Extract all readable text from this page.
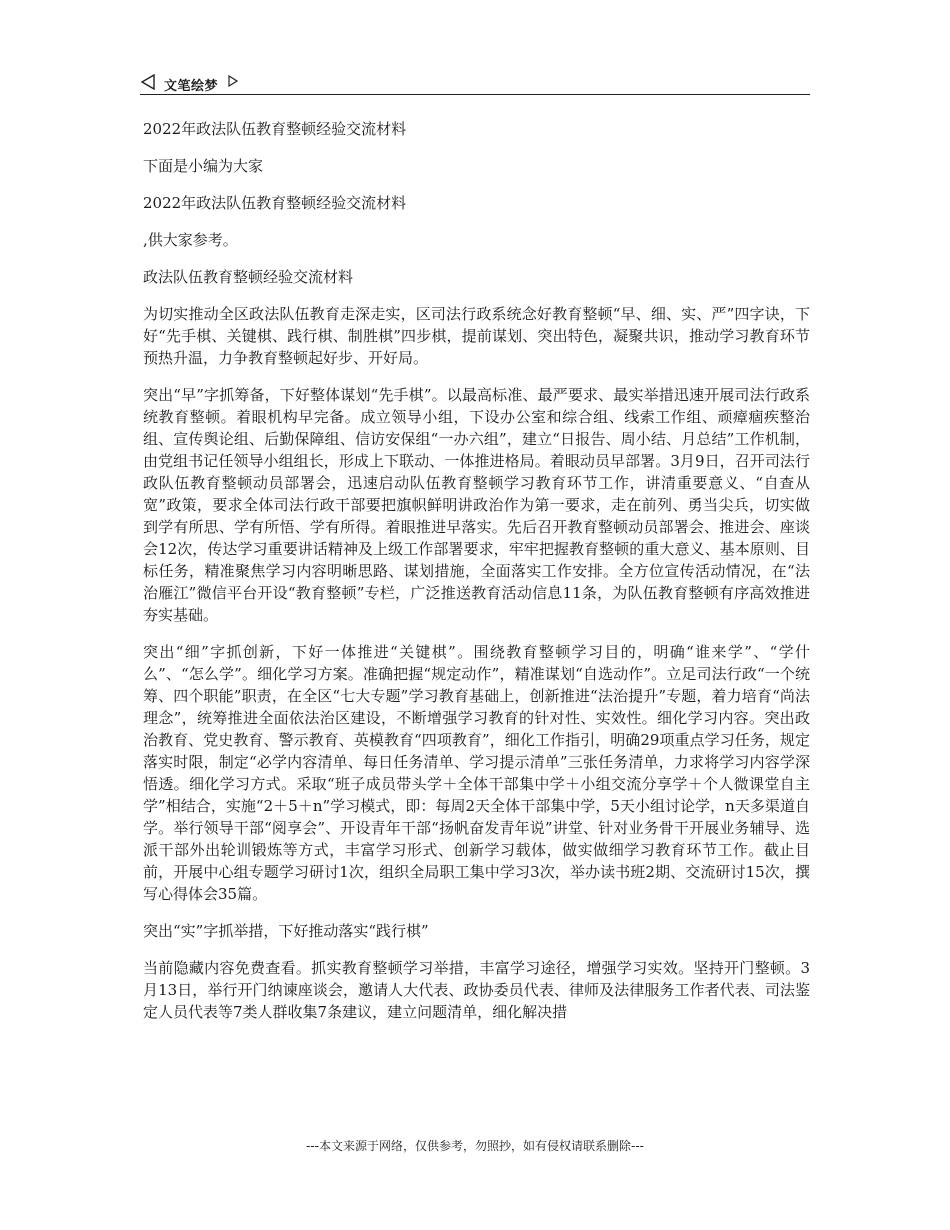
文笔绘梦

2022年政法队伍教育整顿经验交流材料

下面是小编为大家

2022年政法队伍教育整顿经验交流材料

,供大家参考。

政法队伍教育整顿经验交流材料

为切实推动全区政法队伍教育走深走实，区司法行政系统念好教育整顿“早、细、实、严”四字诀，下好“先手棋、关键棋、践行棋、制胜棋”四步棋，提前谋划、突出特色，凝聚共识，推动学习教育环节预热升温，力争教育整顿起好步、开好局。

突出“早”字抓筹备，下好整体谋划“先手棋”。以最高标准、最严要求、最实举措迅速开展司法行政系统教育整顿。着眼机构早完备。成立领导小组，下设办公室和综合组、线索工作组、顽瘴痼疾整治组、宣传舆论组、后勤保障组、信访安保组“一办六组”，建立“日报告、周小结、月总结”工作机制，由党组书记任领导小组组长，形成上下联动、一体推进格局。着眼动员早部署。3月9日，召开司法行政队伍教育整顿动员部署会，迅速启动队伍教育整顿学习教育环节工作，讲清重要意义、“自查从宽”政策，要求全体司法行政干部要把旗帜鲜明讲政治作为第一要求，走在前列、勇当尖兵，切实做到学有所思、学有所悟、学有所得。着眼推进早落实。先后召开教育整顿动员部署会、推进会、座谈会12次，传达学习重要讲话精神及上级工作部署要求，牢牢把握教育整顿的重大意义、基本原则、目标任务，精准聚焦学习内容明晰思路、谋划措施，全面落实工作安排。全方位宣传活动情况，在“法治雁江”微信平台开设“教育整顿”专栏，广泛推送教育活动信息11条，为队伍教育整顿有序高效推进夯实基础。

突出“细”字抓创新，下好一体推进“关键棋”。围绕教育整顿学习目的，明确“谁来学”、“学什么”、“怎么学”。细化学习方案。准确把握“规定动作”，精准谋划“自选动作”。立足司法行政“一个统筹、四个职能”职责，在全区“七大专题”学习教育基础上，创新推进“法治提升”专题，着力培育“尚法理念”，统筹推进全面依法治区建设，不断增强学习教育的针对性、实效性。细化学习内容。突出政治教育、党史教育、警示教育、英模教育“四项教育”，细化工作指引，明确29项重点学习任务，规定落实时限，制定“必学内容清单、每日任务清单、学习提示清单”三张任务清单，力求将学习内容学深悟透。细化学习方式。采取“班子成员带头学＋全体干部集中学＋小组交流分享学＋个人微课堂自主学”相结合，实施“2＋5＋n”学习模式，即：每周2天全体干部集中学，5天小组讨论学，n天多渠道自学。举行领导干部“阅享会”、开设青年干部“扬帆奋发青年说”讲堂、针对业务骨干开展业务辅导、选派干部外出轮训锻炼等方式，丰富学习形式、创新学习载体，做实做细学习教育环节工作。截止目前，开展中心组专题学习研讨1次，组织全局职工集中学习3次，举办读书班2期、交流研讨15次，撰写心得体会35篇。

突出“实”字抓举措，下好推动落实“践行棋”

当前隐藏内容免费查看。抓实教育整顿学习举措，丰富学习途径，增强学习实效。坚持开门整顿。3月13日，举行开门纳谏座谈会，邀请人大代表、政协委员代表、律师及法律服务工作者代表、司法鉴定人员代表等7类人群收集7条建议，建立问题清单，细化解决措

---本文来源于网络，仅供参考，勿照抄，如有侵权请联系删除---
